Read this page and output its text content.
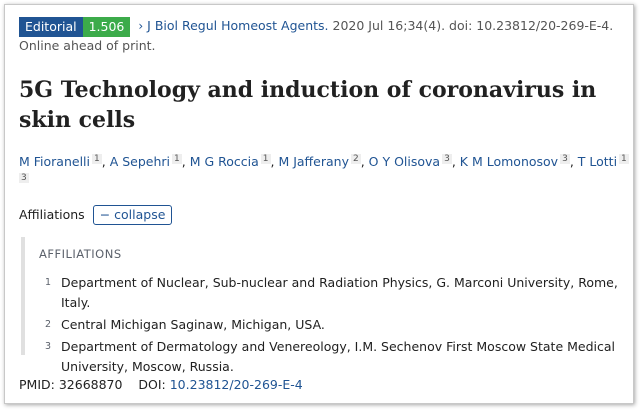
Editorial 1.506 › J Biol Regul Homeost Agents. 2020 Jul 16;34(4). doi: 10.23812/20-269-E-4.
Online ahead of print.
5G Technology and induction of coronavirus in skin cells
M Fioranelli 1 , A Sepehri 1 , M G Roccia 1 , M Jafferany 2 , O Y Olisova 3 , K M Lomonosov 3 , T Lotti 1
3
Affiliations − collapse
AFFILIATIONS
1 Department of Nuclear, Sub-nuclear and Radiation Physics, G. Marconi University, Rome, Italy.
2 Central Michigan Saginaw, Michigan, USA.
3 Department of Dermatology and Venereology, I.M. Sechenov First Moscow State Medical University, Moscow, Russia.
PMID: 32668870 DOI: 10.23812/20-269-E-4
